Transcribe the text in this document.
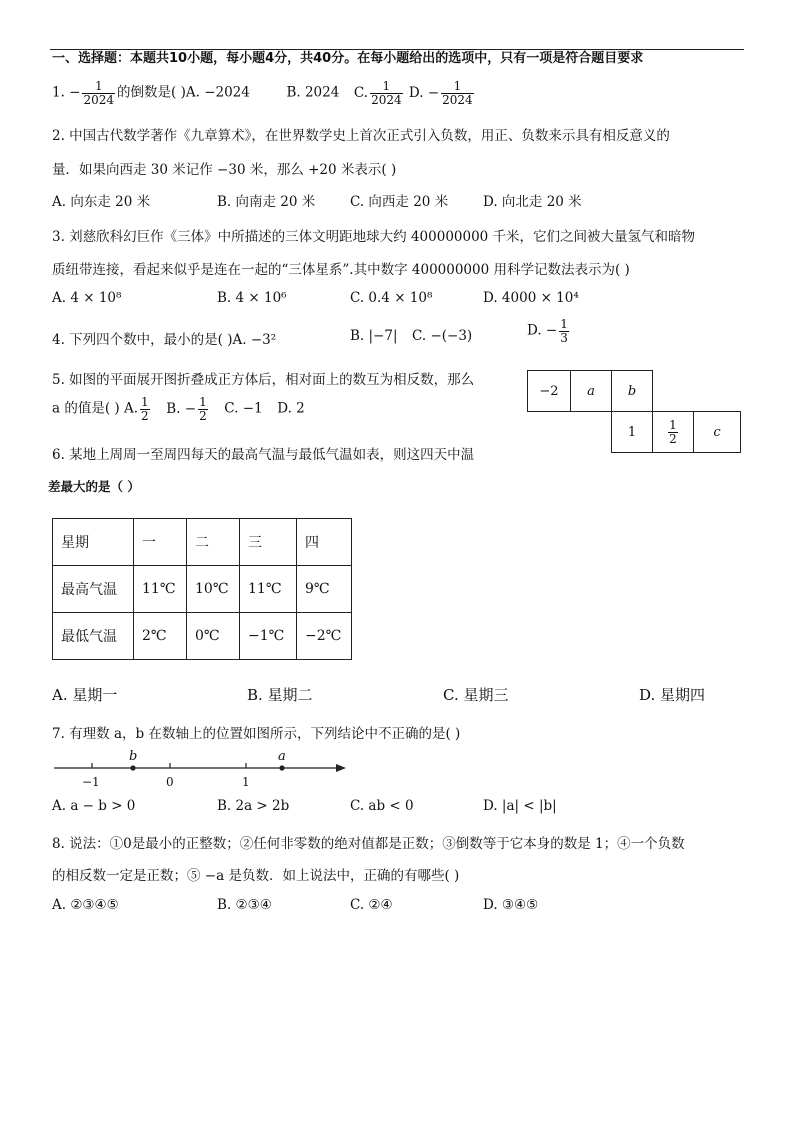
一、选择题：本题共10小题，每小题4分，共40分。在每小题给出的选项中，只有一项是符合题目要求
1. − $\frac{1}{2024}$ 的倒数是( )A. −2024	B. 2024 C. $\frac{1}{2024} D$. − $\frac{1}{2024}$
2. 中国古代数学著作《九章算术》，在世界数学史上首次正式引入负数，用正、负数来示具有相反意义的
量．如果向西走 30 米记作 −30 米，那么 +20 米表示( )
A. 向东走 20 米	B. 向南走 20 米	C. 向西走 20 米	D. 向北走 20 米
3. 刘慈欣科幻巨作《三体》中所描述的三体文明距地球大约 400000000 千米，它们之间被大量氢气和暗物
质纽带连接，看起来似乎是连在一起的“三体星系”.其中数字 400000000 用科学记数法表示为( )
A. 4 × 10⁸	B. 4 × 10⁶	C. 0.4 × 10⁸	D. 4000 × 10⁴
4. 下列四个数中，最小的是( )A. −3²	B. |−7| C. −(−3)	D. − $\frac{1}{3}$
5. 如图的平面展开图折叠成正方体后，相对面上的数互为相反数，那么
a 的值是( ) A. $\frac{1}{2} B$. − $\frac{1}{2} C$. −1 D. 2
−2	a	b
1	$\frac{1}{2}$	c
6. 某地上周周一至周四每天的最高气温与最低气温如表，则这四天中温
差最大的是（ ）
星期	一	二	三	四
最高气温	11℃	10℃	11℃	9℃
最低气温	2℃	0℃	−1℃	−2℃
A. 星期一	B. 星期二	C. 星期三	D. 星期四
7. 有理数 a，b 在数轴上的位置如图所示，下列结论中不正确的是( )
b	a
−1	0	1
A. a − b > 0	B. 2a > 2b	C. ab < 0	D. |a| < |b|
8. 说法：①0是最小的正整数；②任何非零数的绝对值都是正数；③倒数等于它本身的数是 1；④一个负数
的相反数一定是正数；⑤ −a 是负数．如上说法中，正确的有哪些( )
A. ②③④⑤	B. ②③④	C. ②④	D. ③④⑤
